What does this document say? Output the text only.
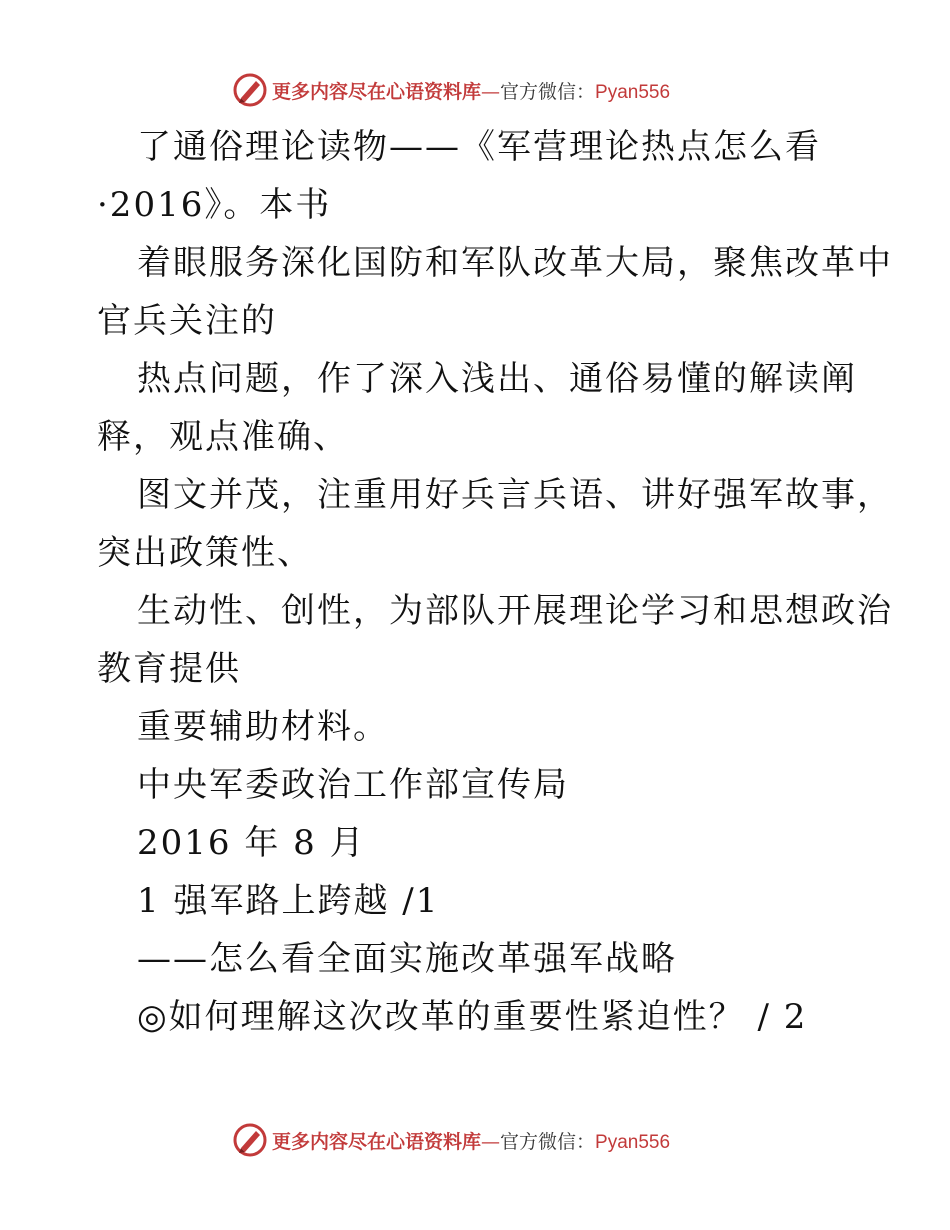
更多内容尽在心语资料库—官方微信：Pyan556
了通俗理论读物——《军营理论热点怎么看
·2016》。本书
着眼服务深化国防和军队改革大局，聚焦改革中
官兵关注的
热点问题，作了深入浅出、通俗易懂的解读阐
释，观点准确、
图文并茂，注重用好兵言兵语、讲好强军故事，
突出政策性、
生动性、创性，为部队开展理论学习和思想政治
教育提供
重要辅助材料。
中央军委政治工作部宣传局
2016 年 8 月
1 强军路上跨越 /1
——怎么看全面实施改革强军战略
◎如何理解这次改革的重要性紧迫性？ / 2
更多内容尽在心语资料库—官方微信：Pyan556
